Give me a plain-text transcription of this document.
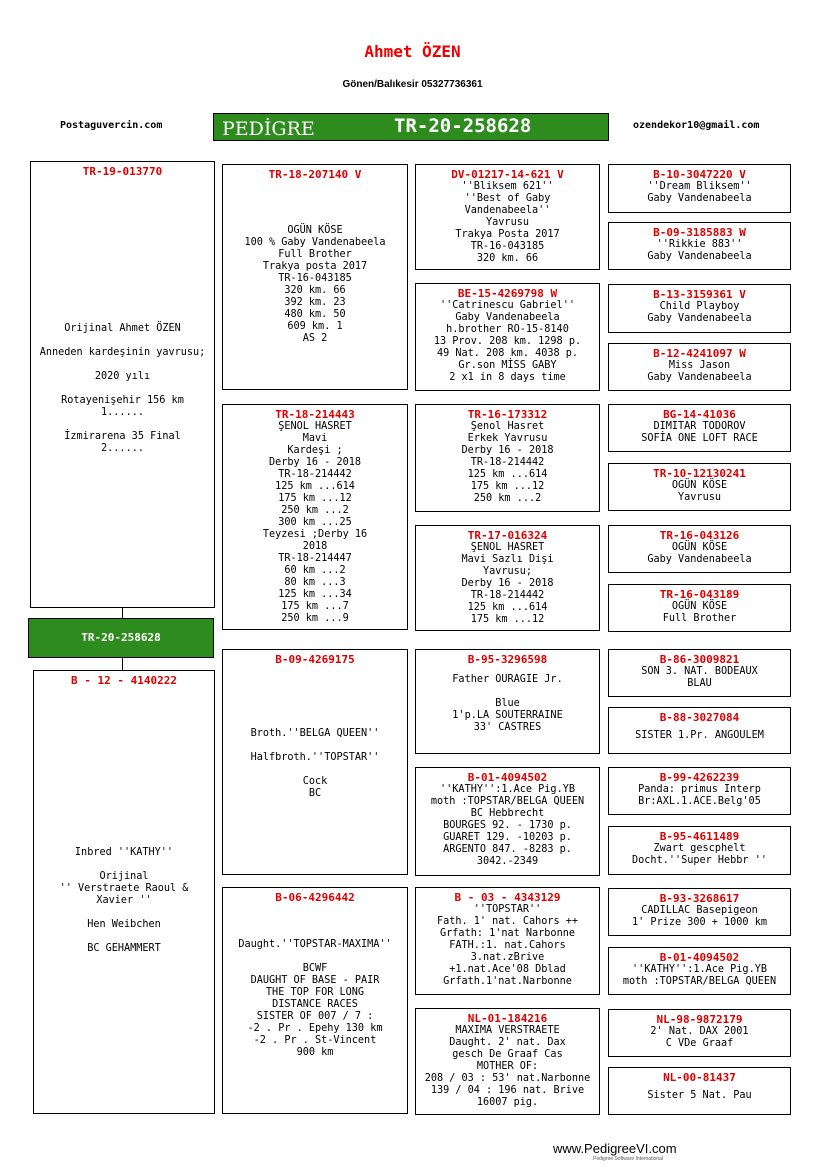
Ahmet ÖZEN
Gönen/Balıkesir 05327736361
Postaguvercin.com	ozendekor10@gmail.com
PEDİGRE	TR-20-258628
TR-19-013770
Orijinal Ahmet ÖZEN

Anneden kardeşinin yavrusu;

2020 yılı

Rotayenişehir 156 km
1......

İzmirarena 35 Final
2......
TR-20-258628
B - 12 - 4140222
Inbred ''KATHY''

Orijinal
'' Verstraete Raoul &
Xavier ''

Hen Weibchen

BC GEHAMMERT
TR-18-207140 V
OGÜN KÖSE
100 % Gaby Vandenabeela
Full Brother
Trakya posta 2017
TR-16-043185
320 km. 66
392 km. 23
480 km. 50
609 km. 1
AS 2
TR-18-214443
ŞENOL HASRET
Mavi
Kardeşi ;
Derby 16 - 2018
TR-18-214442
125 km ...614
175 km ...12
250 km ...2
300 km ...25
Teyzesi ;Derby 16
2018
TR-18-214447
60 km ...2
80 km ...3
125 km ...34
175 km ...7
250 km ...9
B-09-4269175
Broth.''BELGA QUEEN''

Halfbroth.''TOPSTAR''

Cock
BC
B-06-4296442
Daught.''TOPSTAR-MAXIMA''

BCWF
DAUGHT OF BASE - PAIR
THE TOP FOR LONG
DISTANCE RACES
SISTER OF 007 / 7 :
-2 . Pr . Epehy 130 km
-2 . Pr . St-Vincent
900 km
DV-01217-14-621 V
''Bliksem 621''
''Best of Gaby
Vandenabeela''
Yavrusu
Trakya Posta 2017
TR-16-043185
320 km. 66
BE-15-4269798 W
''Catrinescu Gabriel''
Gaby Vandenabeela
h.brother RO-15-8140
13 Prov. 208 km. 1298 p.
49 Nat. 208 km. 4038 p.
Gr.son MİSS GABY
2 x1 in 8 days time
TR-16-173312
Şenol Hasret
Erkek Yavrusu
Derby 16 - 2018
TR-18-214442
125 km ...614
175 km ...12
250 km ...2
TR-17-016324
ŞENOL HASRET
Mavi Sazlı Dişi
Yavrusu;
Derby 16 - 2018
TR-18-214442
125 km ...614
175 km ...12
B-95-3296598
Father OURAGIE Jr.

Blue
1'p.LA SOUTERRAINE
33' CASTRES
B-01-4094502
''KATHY'':1.Ace Pig.YB
moth :TOPSTAR/BELGA QUEEN
BC Hebbrecht
BOURGES 92. - 1730 p.
GUARET 129. -10203 p.
ARGENTO 847. -8283 p.
3042.-2349
B - 03 - 4343129
''TOPSTAR''
Fath. 1' nat. Cahors ++
Grfath: 1'nat Narbonne
FATH.:1. nat.Cahors
3.nat.zBrive
+1.nat.Ace'08 Dblad
Grfath.1'nat.Narbonne
NL-01-184216
MAXIMA VERSTRAETE
Daught. 2' nat. Dax
gesch De Graaf Cas
MOTHER OF:
208 / 03 : 53' nat.Narbonne
139 / 04 : 196 nat. Brive
16007 pig.
B-10-3047220 V
''Dream Bliksem''
Gaby Vandenabeela
B-09-3185883 W
''Rikkie 883''
Gaby Vandenabeela
B-13-3159361 V
Child Playboy
Gaby Vandenabeela
B-12-4241097 W
Miss Jason
Gaby Vandenabeela
BG-14-41036
DIMITAR TODOROV
SOFİA ONE LOFT RACE
TR-10-12130241
OGÜN KÖSE
Yavrusu
TR-16-043126
OGÜN KÖSE
Gaby Vandenabeela
TR-16-043189
OGÜN KÖSE
Full Brother
B-86-3009821
SON 3. NAT. BODEAUX
BLAU
B-88-3027084
SISTER 1.Pr. ANGOULEM
B-99-4262239
Panda: primus Interp
Br:AXL.1.ACE.Belg'05
B-95-4611489
Zwart gescphelt
Docht.''Super Hebbr ''
B-93-3268617
CADILLAC Basepigeon
1' Prize 300 + 1000 km
B-01-4094502
''KATHY'':1.Ace Pig.YB
moth :TOPSTAR/BELGA QUEEN
NL-98-9872179
2' Nat. DAX 2001
C VDe Graaf
NL-00-81437
Sister 5 Nat. Pau
www.PedigreeVI.com
Pedigree Software International
